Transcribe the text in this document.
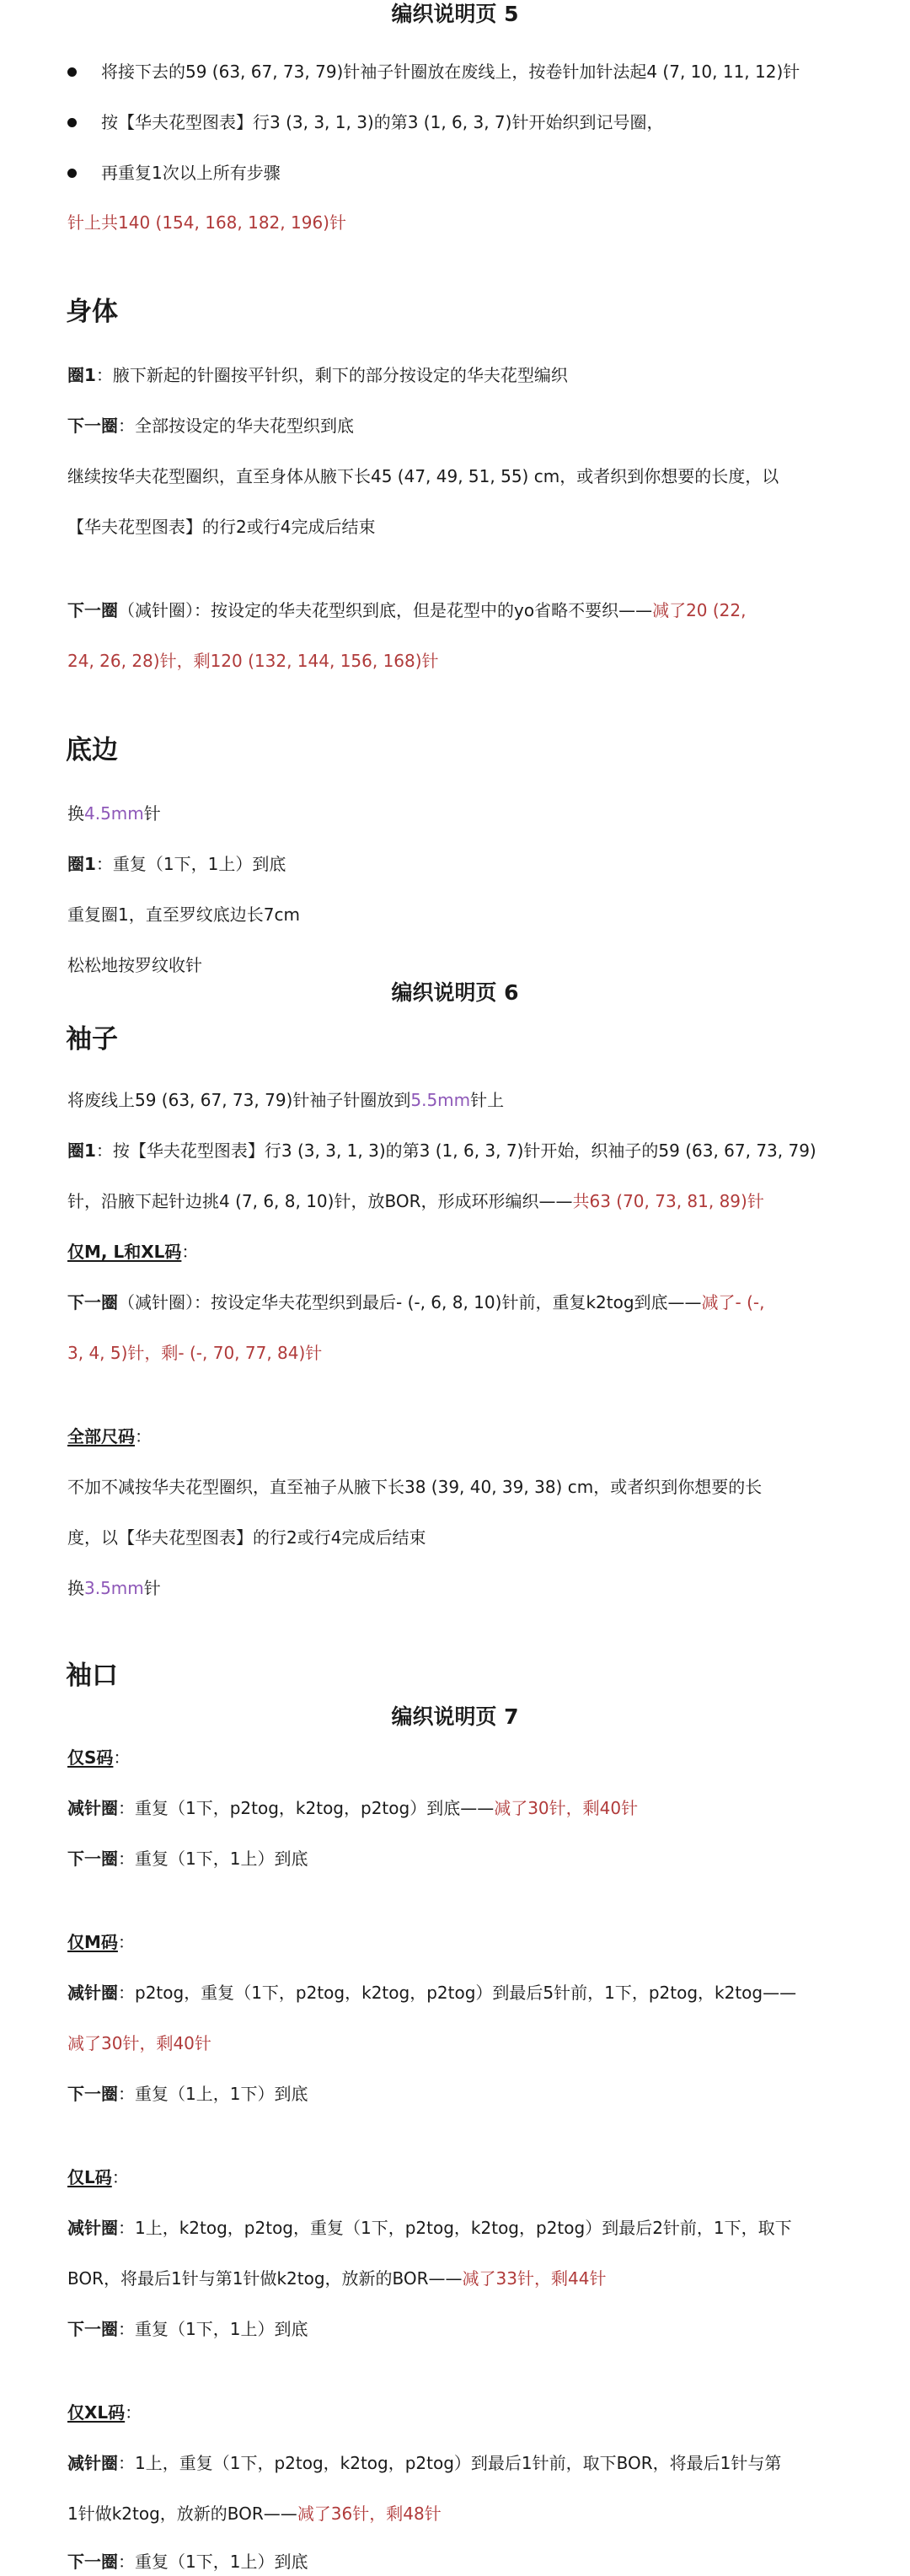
编织说明页 5
将接下去的59 (63, 67, 73, 79)针袖子针圈放在废线上，按卷针加针法起4 (7, 10, 11, 12)针
按【华夫花型图表】行3 (3, 3, 1, 3)的第3 (1, 6, 3, 7)针开始织到记号圈，
再重复1次以上所有步骤
针上共140 (154, 168, 182, 196)针
身体
圈1：腋下新起的针圈按平针织，剩下的部分按设定的华夫花型编织
下一圈：全部按设定的华夫花型织到底
继续按华夫花型圈织，直至身体从腋下长45 (47, 49, 51, 55) cm，或者织到你想要的长度，以
【华夫花型图表】的行2或行4完成后结束
下一圈（减针圈）：按设定的华夫花型织到底，但是花型中的yo省略不要织——减了20 (22,
24, 26, 28)针，剩120 (132, 144, 156, 168)针
底边
换4.5mm针
圈1：重复（1下，1上）到底
重复圈1，直至罗纹底边长7cm
松松地按罗纹收针
编织说明页 6
袖子
将废线上59 (63, 67, 73, 79)针袖子针圈放到5.5mm针上
圈1：按【华夫花型图表】行3 (3, 3, 1, 3)的第3 (1, 6, 3, 7)针开始，织袖子的59 (63, 67, 73, 79)
针，沿腋下起针边挑4 (7, 6, 8, 10)针，放BOR，形成环形编织——共63 (70, 73, 81, 89)针
仅M, L和XL码：
下一圈（减针圈）：按设定华夫花型织到最后- (-, 6, 8, 10)针前，重复k2tog到底——减了- (-,
3, 4, 5)针，剩- (-, 70, 77, 84)针
全部尺码：
不加不减按华夫花型圈织，直至袖子从腋下长38 (39, 40, 39, 38) cm，或者织到你想要的长
度，以【华夫花型图表】的行2或行4完成后结束
换3.5mm针
袖口
编织说明页 7
仅S码：
减针圈：重复（1下，p2tog，k2tog，p2tog）到底——减了30针，剩40针
下一圈：重复（1下，1上）到底
仅M码：
减针圈：p2tog，重复（1下，p2tog，k2tog，p2tog）到最后5针前，1下，p2tog，k2tog——
减了30针，剩40针
下一圈：重复（1上，1下）到底
仅L码：
减针圈：1上，k2tog，p2tog，重复（1下，p2tog，k2tog，p2tog）到最后2针前，1下，取下
BOR，将最后1针与第1针做k2tog，放新的BOR——减了33针，剩44针
下一圈：重复（1下，1上）到底
仅XL码：
减针圈：1上，重复（1下，p2tog，k2tog，p2tog）到最后1针前，取下BOR，将最后1针与第
1针做k2tog，放新的BOR——减了36针，剩48针
下一圈：重复（1下，1上）到底
